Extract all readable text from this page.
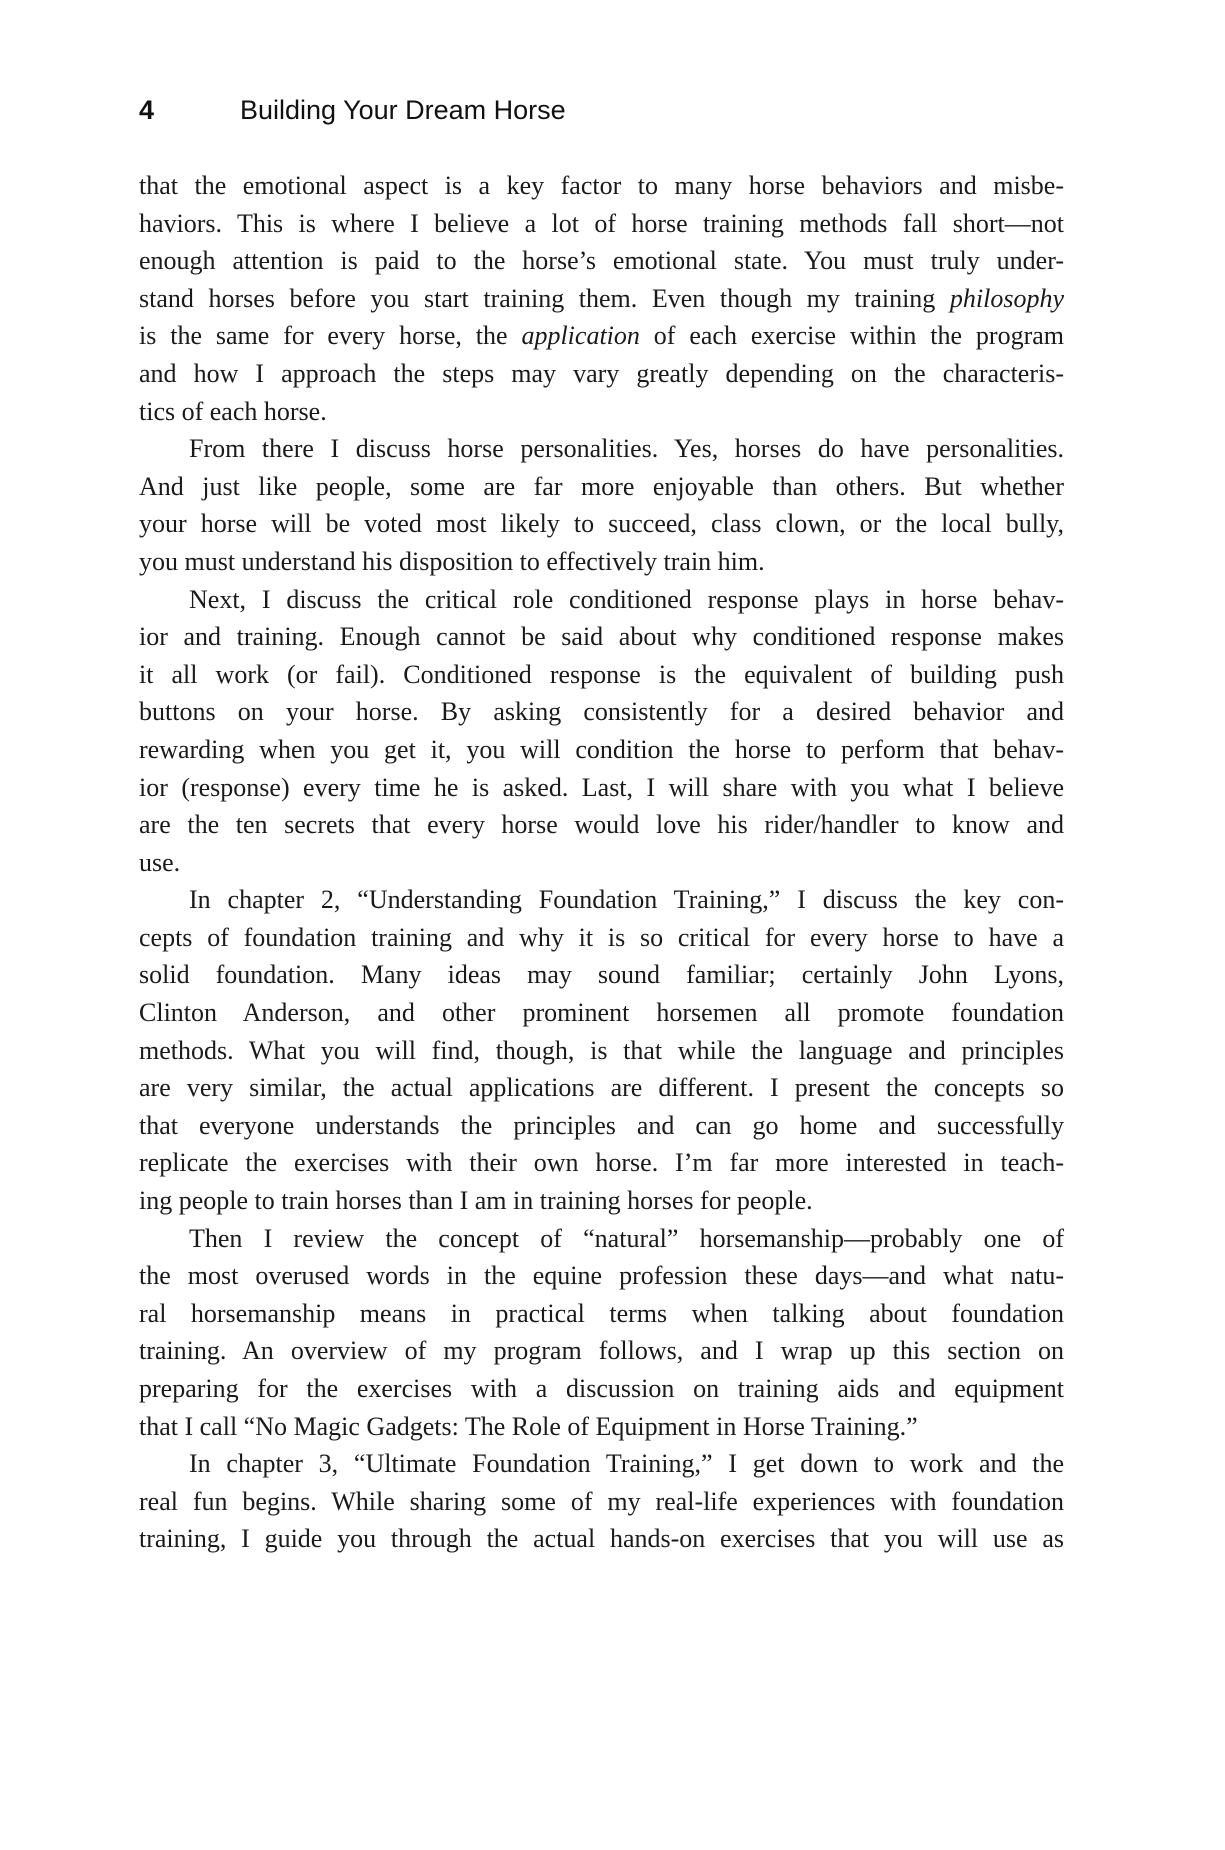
4	Building Your Dream Horse
that the emotional aspect is a key factor to many horse behaviors and misbe-
haviors. This is where I believe a lot of horse training methods fall short—not
enough attention is paid to the horse’s emotional state. You must truly under-
stand horses before you start training them. Even though my training philosophy
is the same for every horse, the application of each exercise within the program
and how I approach the steps may vary greatly depending on the characteris-
tics of each horse.
From there I discuss horse personalities. Yes, horses do have personalities.
And just like people, some are far more enjoyable than others. But whether
your horse will be voted most likely to succeed, class clown, or the local bully,
you must understand his disposition to effectively train him.
Next, I discuss the critical role conditioned response plays in horse behav-
ior and training. Enough cannot be said about why conditioned response makes
it all work (or fail). Conditioned response is the equivalent of building push
buttons on your horse. By asking consistently for a desired behavior and
rewarding when you get it, you will condition the horse to perform that behav-
ior (response) every time he is asked. Last, I will share with you what I believe
are the ten secrets that every horse would love his rider/handler to know and
use.
In chapter 2, “Understanding Foundation Training,” I discuss the key con-
cepts of foundation training and why it is so critical for every horse to have a
solid foundation. Many ideas may sound familiar; certainly John Lyons,
Clinton Anderson, and other prominent horsemen all promote foundation
methods. What you will find, though, is that while the language and principles
are very similar, the actual applications are different. I present the concepts so
that everyone understands the principles and can go home and successfully
replicate the exercises with their own horse. I’m far more interested in teach-
ing people to train horses than I am in training horses for people.
Then I review the concept of “natural” horsemanship—probably one of
the most overused words in the equine profession these days—and what natu-
ral horsemanship means in practical terms when talking about foundation
training. An overview of my program follows, and I wrap up this section on
preparing for the exercises with a discussion on training aids and equipment
that I call “No Magic Gadgets: The Role of Equipment in Horse Training.”
In chapter 3, “Ultimate Foundation Training,” I get down to work and the
real fun begins. While sharing some of my real-life experiences with foundation
training, I guide you through the actual hands-on exercises that you will use as
